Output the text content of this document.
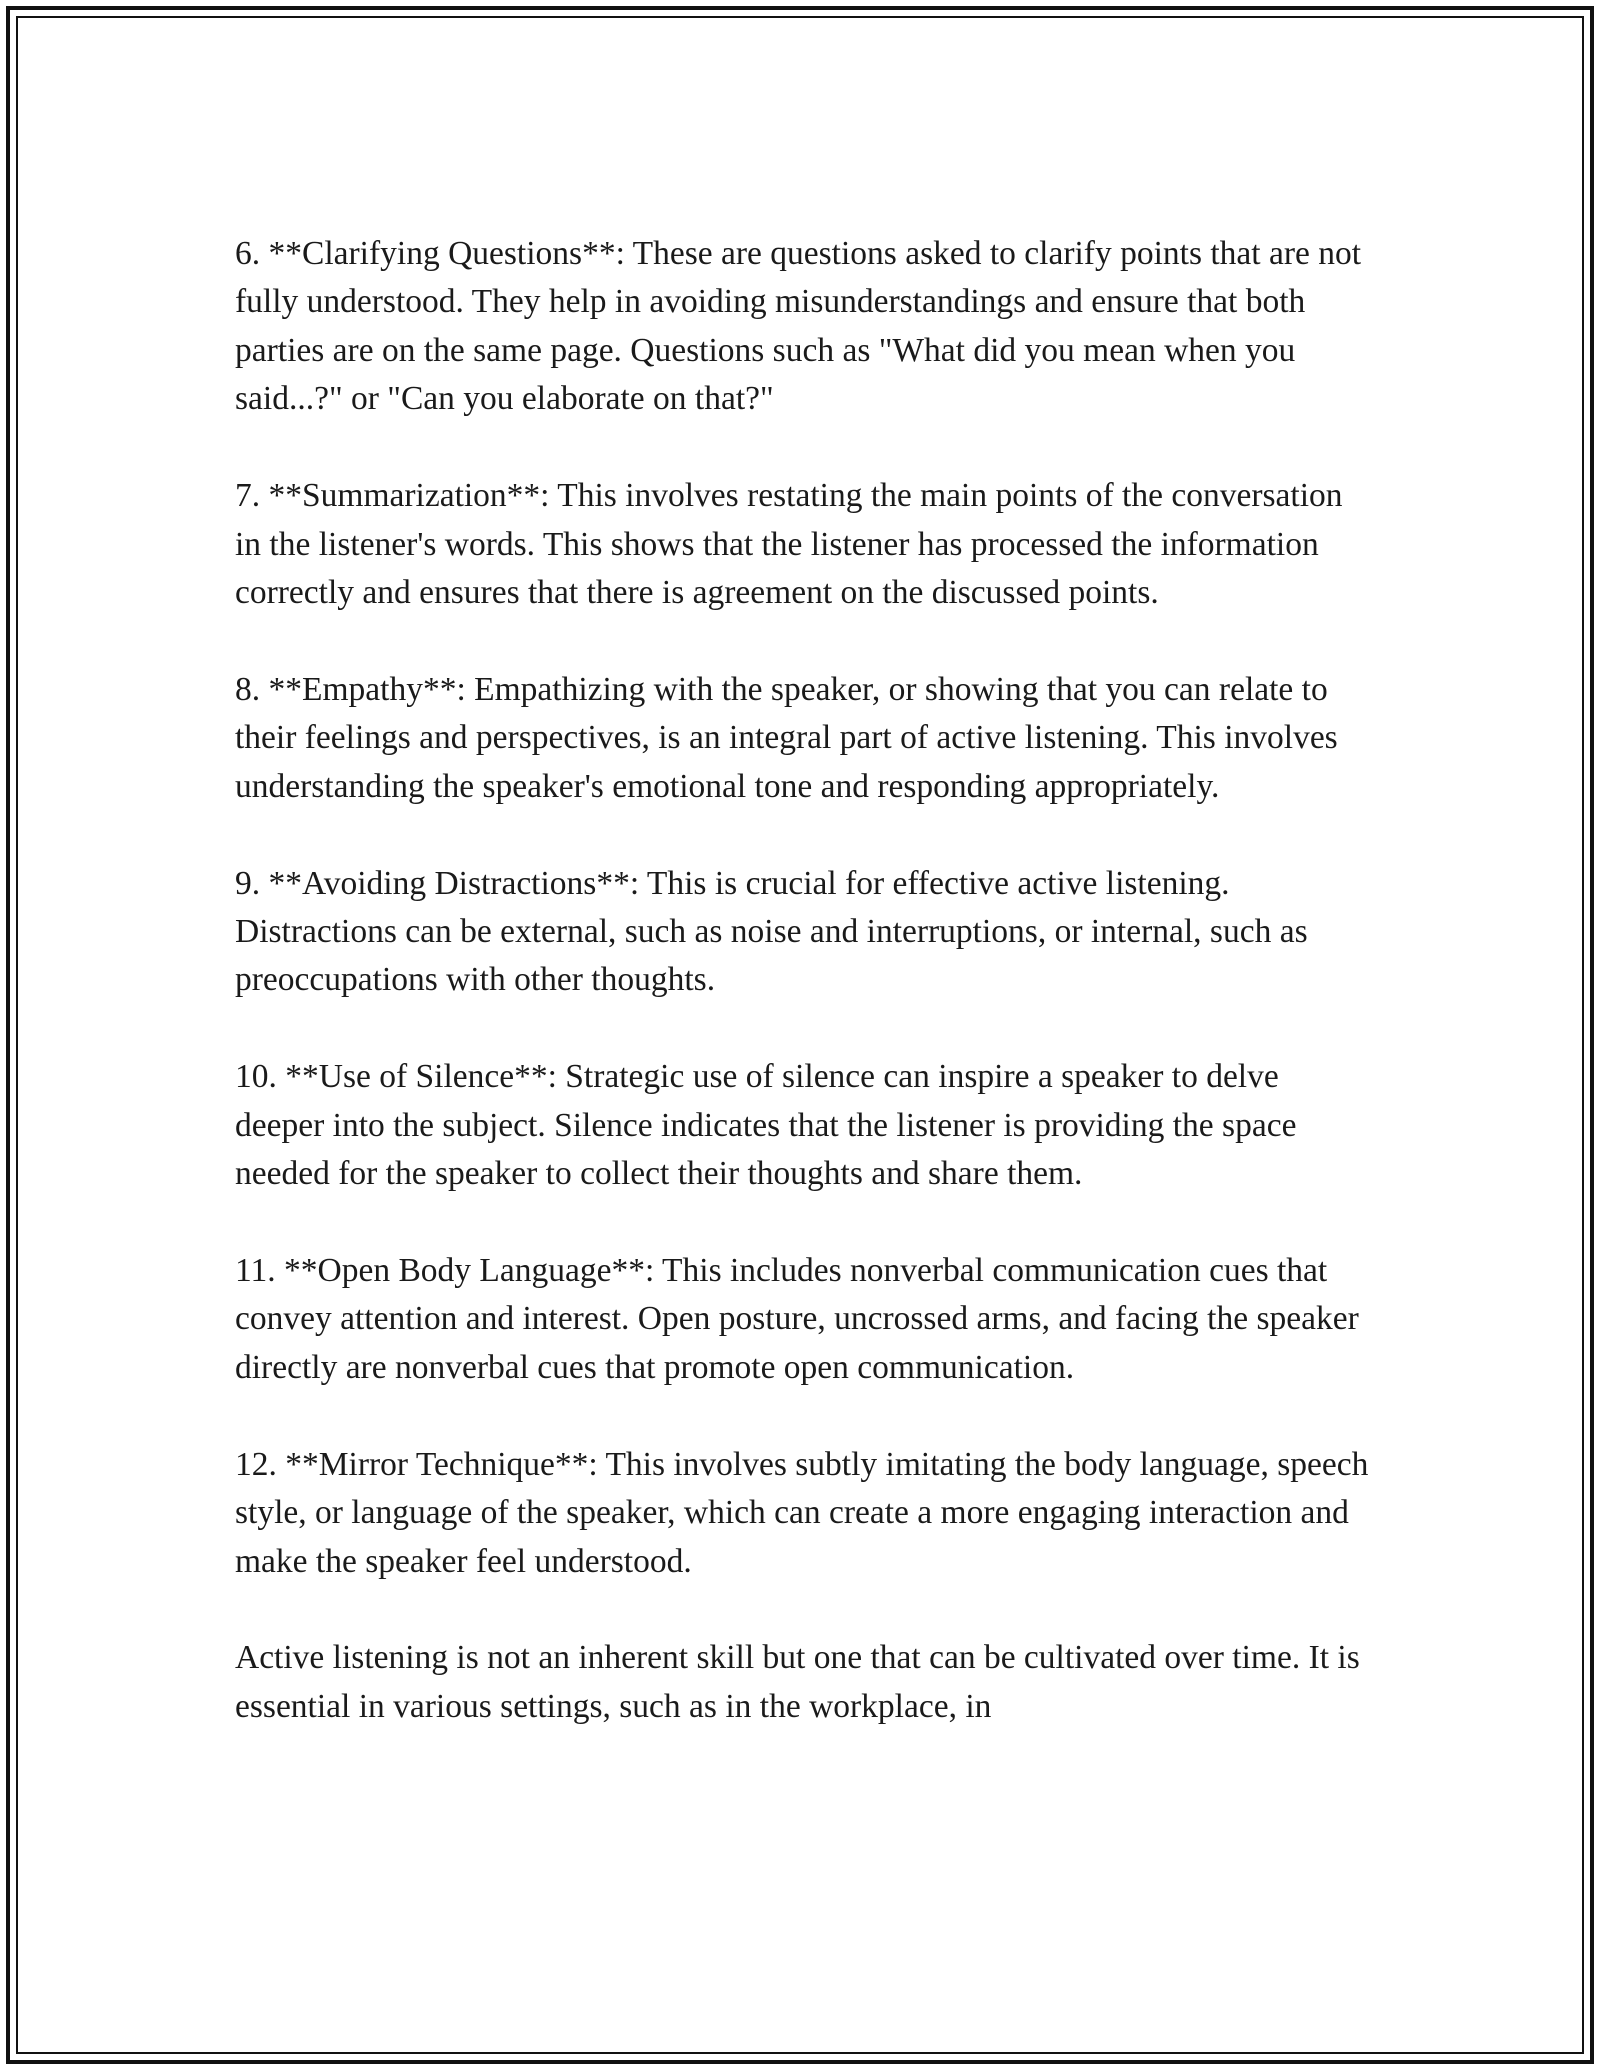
6. **Clarifying Questions**: These are questions asked to clarify points that are not fully understood. They help in avoiding misunderstandings and ensure that both parties are on the same page. Questions such as "What did you mean when you said...?" or "Can you elaborate on that?"

7. **Summarization**: This involves restating the main points of the conversation in the listener's words. This shows that the listener has processed the information correctly and ensures that there is agreement on the discussed points.

8. **Empathy**: Empathizing with the speaker, or showing that you can relate to their feelings and perspectives, is an integral part of active listening. This involves understanding the speaker's emotional tone and responding appropriately.

9. **Avoiding Distractions**: This is crucial for effective active listening. Distractions can be external, such as noise and interruptions, or internal, such as preoccupations with other thoughts.

10. **Use of Silence**: Strategic use of silence can inspire a speaker to delve deeper into the subject. Silence indicates that the listener is providing the space needed for the speaker to collect their thoughts and share them.

11. **Open Body Language**: This includes nonverbal communication cues that convey attention and interest. Open posture, uncrossed arms, and facing the speaker directly are nonverbal cues that promote open communication.

12. **Mirror Technique**: This involves subtly imitating the body language, speech style, or language of the speaker, which can create a more engaging interaction and make the speaker feel understood.

Active listening is not an inherent skill but one that can be cultivated over time. It is essential in various settings, such as in the workplace, in
